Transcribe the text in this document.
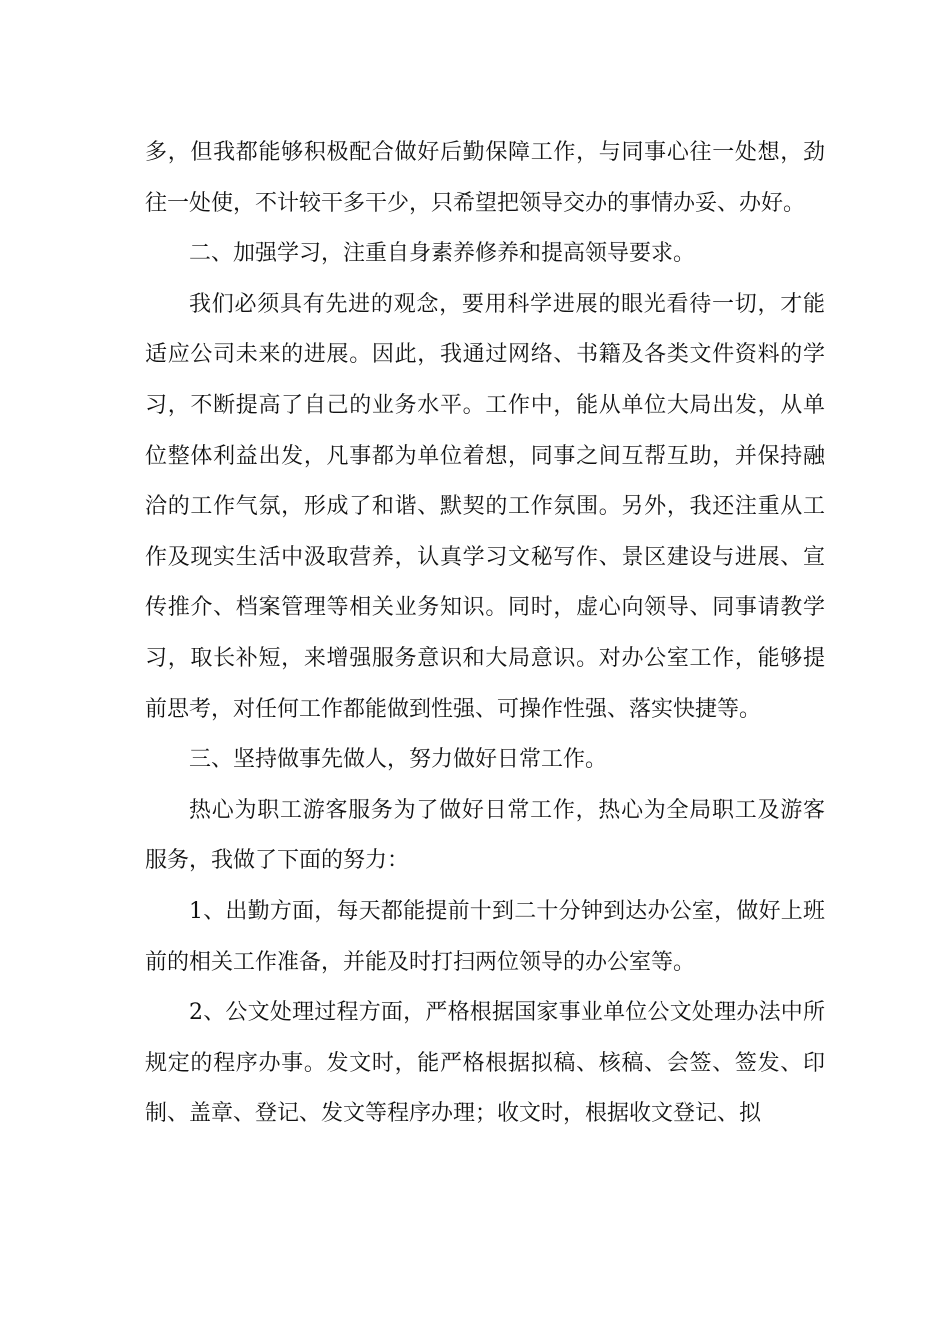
多，但我都能够积极配合做好后勤保障工作，与同事心往一处想，劲往一处使，不计较干多干少，只希望把领导交办的事情办妥、办好。

二、加强学习，注重自身素养修养和提高领导要求。

我们必须具有先进的观念，要用科学进展的眼光看待一切，才能适应公司未来的进展。因此，我通过网络、书籍及各类文件资料的学习，不断提高了自己的业务水平。工作中，能从单位大局出发，从单位整体利益出发，凡事都为单位着想，同事之间互帮互助，并保持融洽的工作气氛，形成了和谐、默契的工作氛围。另外，我还注重从工作及现实生活中汲取营养，认真学习文秘写作、景区建设与进展、宣传推介、档案管理等相关业务知识。同时，虚心向领导、同事请教学习，取长补短，来增强服务意识和大局意识。对办公室工作，能够提前思考，对任何工作都能做到性强、可操作性强、落实快捷等。

三、坚持做事先做人，努力做好日常工作。

热心为职工游客服务为了做好日常工作，热心为全局职工及游客服务，我做了下面的努力：

1、出勤方面，每天都能提前十到二十分钟到达办公室，做好上班前的相关工作准备，并能及时打扫两位领导的办公室等。

2、公文处理过程方面，严格根据国家事业单位公文处理办法中所规定的程序办事。发文时，能严格根据拟稿、核稿、会签、签发、印制、盖章、登记、发文等程序办理；收文时，根据收文登记、拟
